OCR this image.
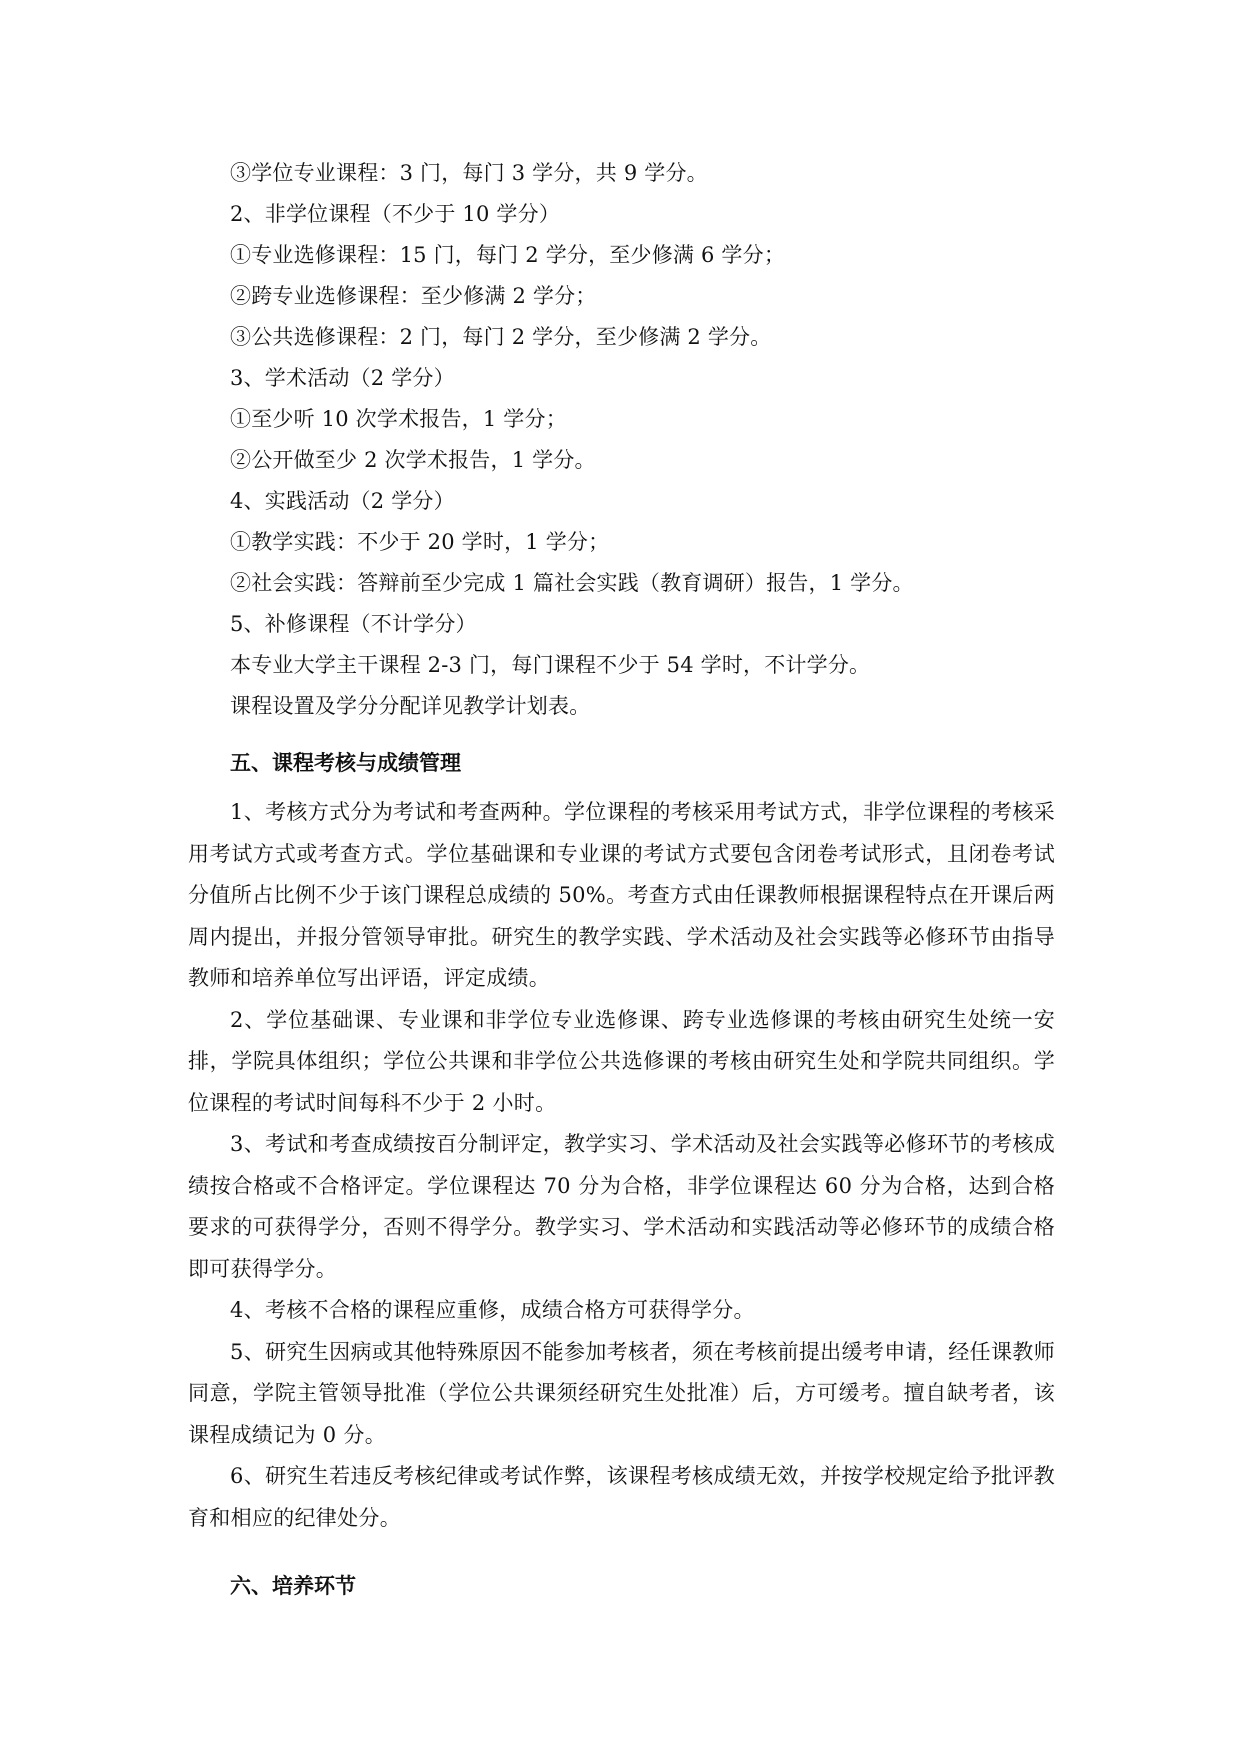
③学位专业课程：3 门，每门 3 学分，共 9 学分。
2、非学位课程（不少于 10 学分）
①专业选修课程：15 门，每门 2 学分，至少修满 6 学分；
②跨专业选修课程：至少修满 2 学分；
③公共选修课程：2 门，每门 2 学分，至少修满 2 学分。
3、学术活动（2 学分）
①至少听 10 次学术报告，1 学分；
②公开做至少 2 次学术报告，1 学分。
4、实践活动（2 学分）
①教学实践：不少于 20 学时，1 学分；
②社会实践：答辩前至少完成 1 篇社会实践（教育调研）报告，1 学分。
5、补修课程（不计学分）
本专业大学主干课程 2-3 门，每门课程不少于 54 学时，不计学分。
课程设置及学分分配详见教学计划表。
五、课程考核与成绩管理

1、考核方式分为考试和考查两种。学位课程的考核采用考试方式，非学位课程的考核采用考试方式或考查方式。学位基础课和专业课的考试方式要包含闭卷考试形式，且闭卷考试分值所占比例不少于该门课程总成绩的 50%。考查方式由任课教师根据课程特点在开课后两周内提出，并报分管领导审批。研究生的教学实践、学术活动及社会实践等必修环节由指导教师和培养单位写出评语，评定成绩。

2、学位基础课、专业课和非学位专业选修课、跨专业选修课的考核由研究生处统一安排，学院具体组织；学位公共课和非学位公共选修课的考核由研究生处和学院共同组织。学位课程的考试时间每科不少于 2 小时。

3、考试和考查成绩按百分制评定，教学实习、学术活动及社会实践等必修环节的考核成绩按合格或不合格评定。学位课程达 70 分为合格，非学位课程达 60 分为合格，达到合格要求的可获得学分，否则不得学分。教学实习、学术活动和实践活动等必修环节的成绩合格即可获得学分。

4、考核不合格的课程应重修，成绩合格方可获得学分。

5、研究生因病或其他特殊原因不能参加考核者，须在考核前提出缓考申请，经任课教师同意，学院主管领导批准（学位公共课须经研究生处批准）后，方可缓考。擅自缺考者，该课程成绩记为 0 分。

6、研究生若违反考核纪律或考试作弊，该课程考核成绩无效，并按学校规定给予批评教育和相应的纪律处分。

六、培养环节
